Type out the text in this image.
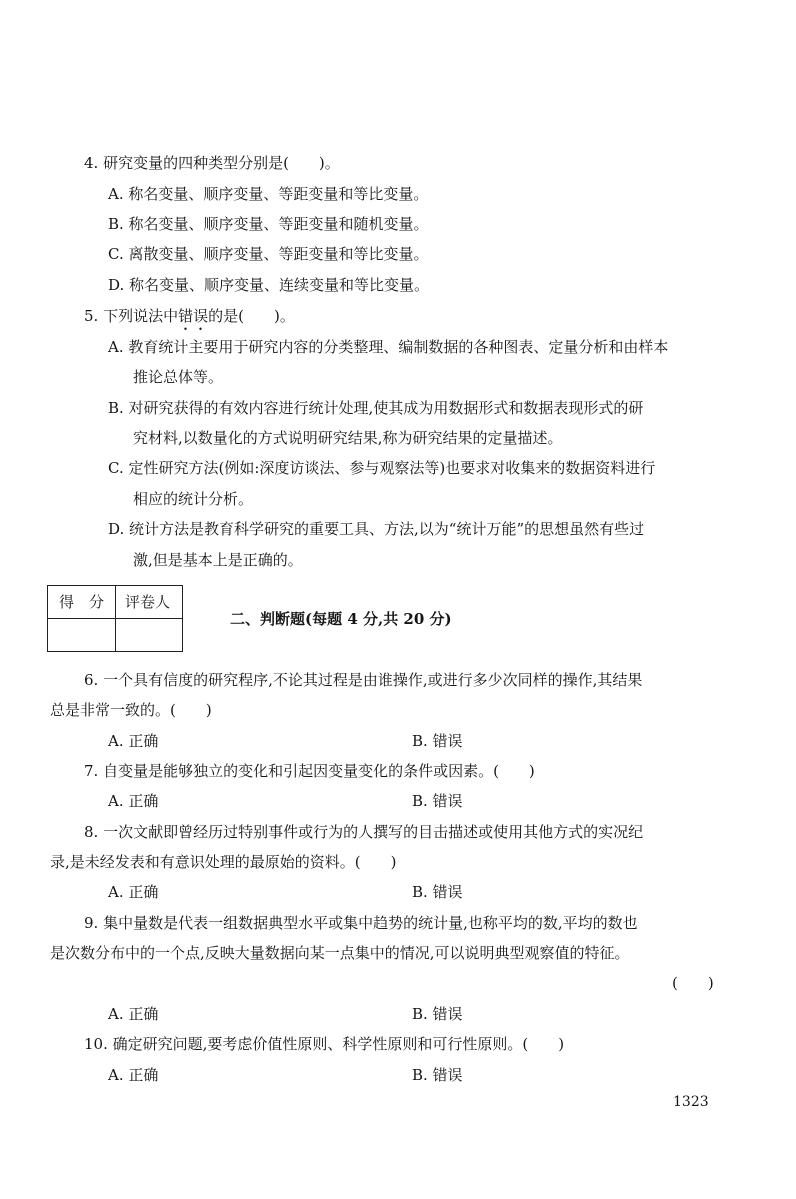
4. 研究变量的四种类型分别是(　　)。
A. 称名变量、顺序变量、等距变量和等比变量。
B. 称名变量、顺序变量、等距变量和随机变量。
C. 离散变量、顺序变量、等距变量和等比变量。
D. 称名变量、顺序变量、连续变量和等比变量。
5. 下列说法中错误的是(　　)。
A. 教育统计主要用于研究内容的分类整理、编制数据的各种图表、定量分析和由样本
推论总体等。
B. 对研究获得的有效内容进行统计处理,使其成为用数据形式和数据表现形式的研
究材料,以数量化的方式说明研究结果,称为研究结果的定量描述。
C. 定性研究方法(例如:深度访谈法、参与观察法等)也要求对收集来的数据资料进行
相应的统计分析。
D. 统计方法是教育科学研究的重要工具、方法,以为“统计万能”的思想虽然有些过
激,但是基本上是正确的。
得　分 评卷人
二、判断题(每题 4 分,共 20 分)
6. 一个具有信度的研究程序,不论其过程是由谁操作,或进行多少次同样的操作,其结果
总是非常一致的。(　　)
A. 正确	B. 错误
7. 自变量是能够独立的变化和引起因变量变化的条件或因素。(　　)
A. 正确	B. 错误
8. 一次文献即曾经历过特别事件或行为的人撰写的目击描述或使用其他方式的实况纪
录,是未经发表和有意识处理的最原始的资料。(　　)
A. 正确	B. 错误
9. 集中量数是代表一组数据典型水平或集中趋势的统计量,也称平均的数,平均的数也
是次数分布中的一个点,反映大量数据向某一点集中的情况,可以说明典型观察值的特征。
(　　)
A. 正确	B. 错误
10. 确定研究问题,要考虑价值性原则、科学性原则和可行性原则。(　　)
A. 正确	B. 错误
1323
